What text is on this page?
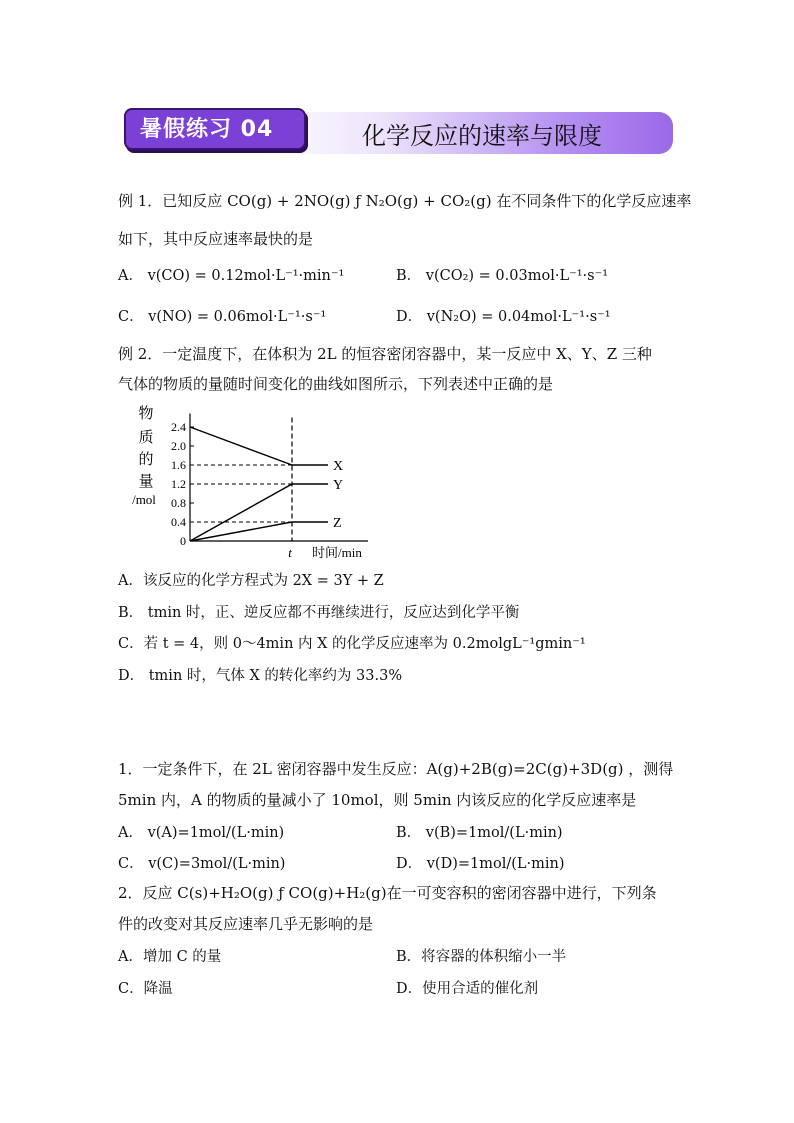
化学反应的速率与限度
暑假练习 04
例 1．已知反应 CO(g) + 2NO(g) ƒ N₂O(g) + CO₂(g) 在不同条件下的化学反应速率
如下，其中反应速率最快的是
A． v(CO) = 0.12mol·L⁻¹·min⁻¹	B． v(CO₂) = 0.03mol·L⁻¹·s⁻¹
C． v(NO) = 0.06mol·L⁻¹·s⁻¹	D． v(N₂O) = 0.04mol·L⁻¹·s⁻¹
例 2．一定温度下，在体积为 2L 的恒容密闭容器中，某一反应中 X、Y、Z 三种
气体的物质的量随时间变化的曲线如图所示，下列表述中正确的是
物
质
的
量
/mol
0
0.4
0.8
1.2
1.6
2.0
2.4
X
Y
Z
t 时间/min
A．该反应的化学方程式为 2X = 3Y + Z
B． tmin 时，正、逆反应都不再继续进行，反应达到化学平衡
C．若 t = 4，则 0～4min 内 X 的化学反应速率为 0.2molgL⁻¹gmin⁻¹
D． tmin 时，气体 X 的转化率约为 33.3%
1．一定条件下，在 2L 密闭容器中发生反应：A(g)+2B(g)=2C(g)+3D(g) ，测得
5min 内，A 的物质的量减小了 10mol，则 5min 内该反应的化学反应速率是
A． v(A)=1mol/(L·min)	B． v(B)=1mol/(L·min)
C． v(C)=3mol/(L·min)	D． v(D)=1mol/(L·min)
2．反应 C(s)+H₂O(g) ƒ CO(g)+H₂(g)在一可变容积的密闭容器中进行，下列条
件的改变对其反应速率几乎无影响的是
A．增加 C 的量	B．将容器的体积缩小一半
C．降温	D．使用合适的催化剂
